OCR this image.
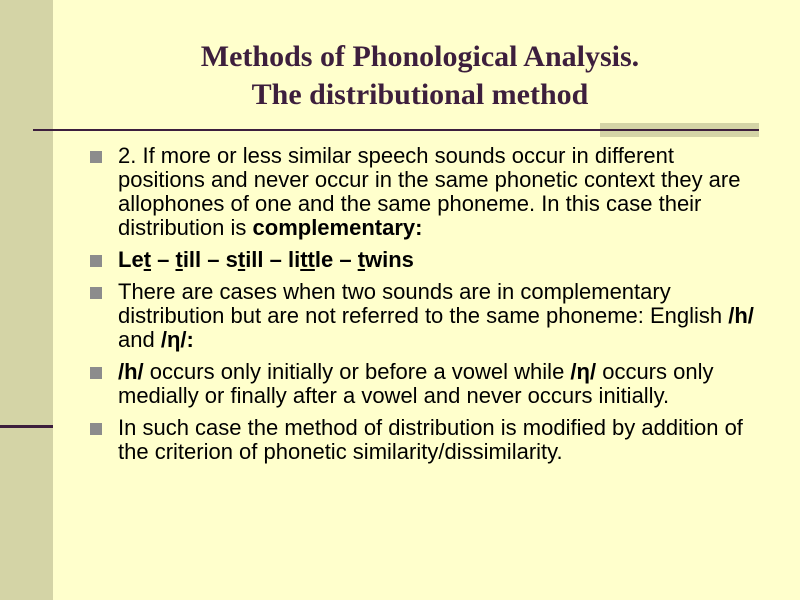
Methods of Phonological Analysis.
The distributional method
2. If more or less similar speech sounds occur in different positions and never occur in the same phonetic context they are allophones of one and the same phoneme. In this case their distribution is complementary:
Let – till – still – little – twins
There are cases when two sounds are in complementary distribution but are not referred to the same phoneme: English /h/ and /η/:
/h/ occurs only initially or before a vowel while /η/ occurs only medially or finally after a vowel and never occurs initially.
In such case the method of distribution is modified by addition of the criterion of phonetic similarity/dissimilarity.
